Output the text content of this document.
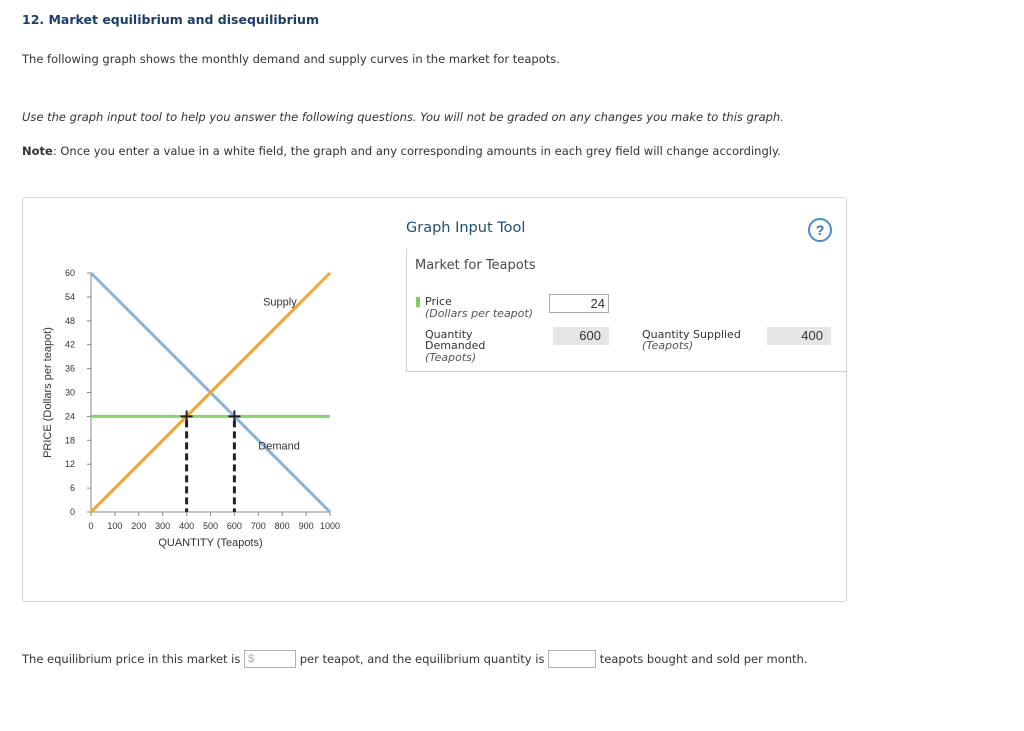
12. Market equilibrium and disequilibrium
The following graph shows the monthly demand and supply curves in the market for teapots.
Use the graph input tool to help you answer the following questions. You will not be graded on any changes you make to this graph.
Note: Once you enter a value in a white field, the graph and any corresponding amounts in each grey field will change accordingly.
0 100 200 300 400 500 600 700 800 900 1000
0
6
12
18
24
30
36
42
48
54
60
QUANTITY (Teapots)
PRICE (Dollars per teapot)
Supply
Demand
Graph Input Tool	?
Market for Teapots
Price
(Dollars per teapot)
24
Quantity
Demanded
(Teapots)
600	Quantity Supplied
(Teapots)
400
The equilibrium price in this market is $	per teapot, and the equilibrium quantity is	teapots bought and sold per month.
